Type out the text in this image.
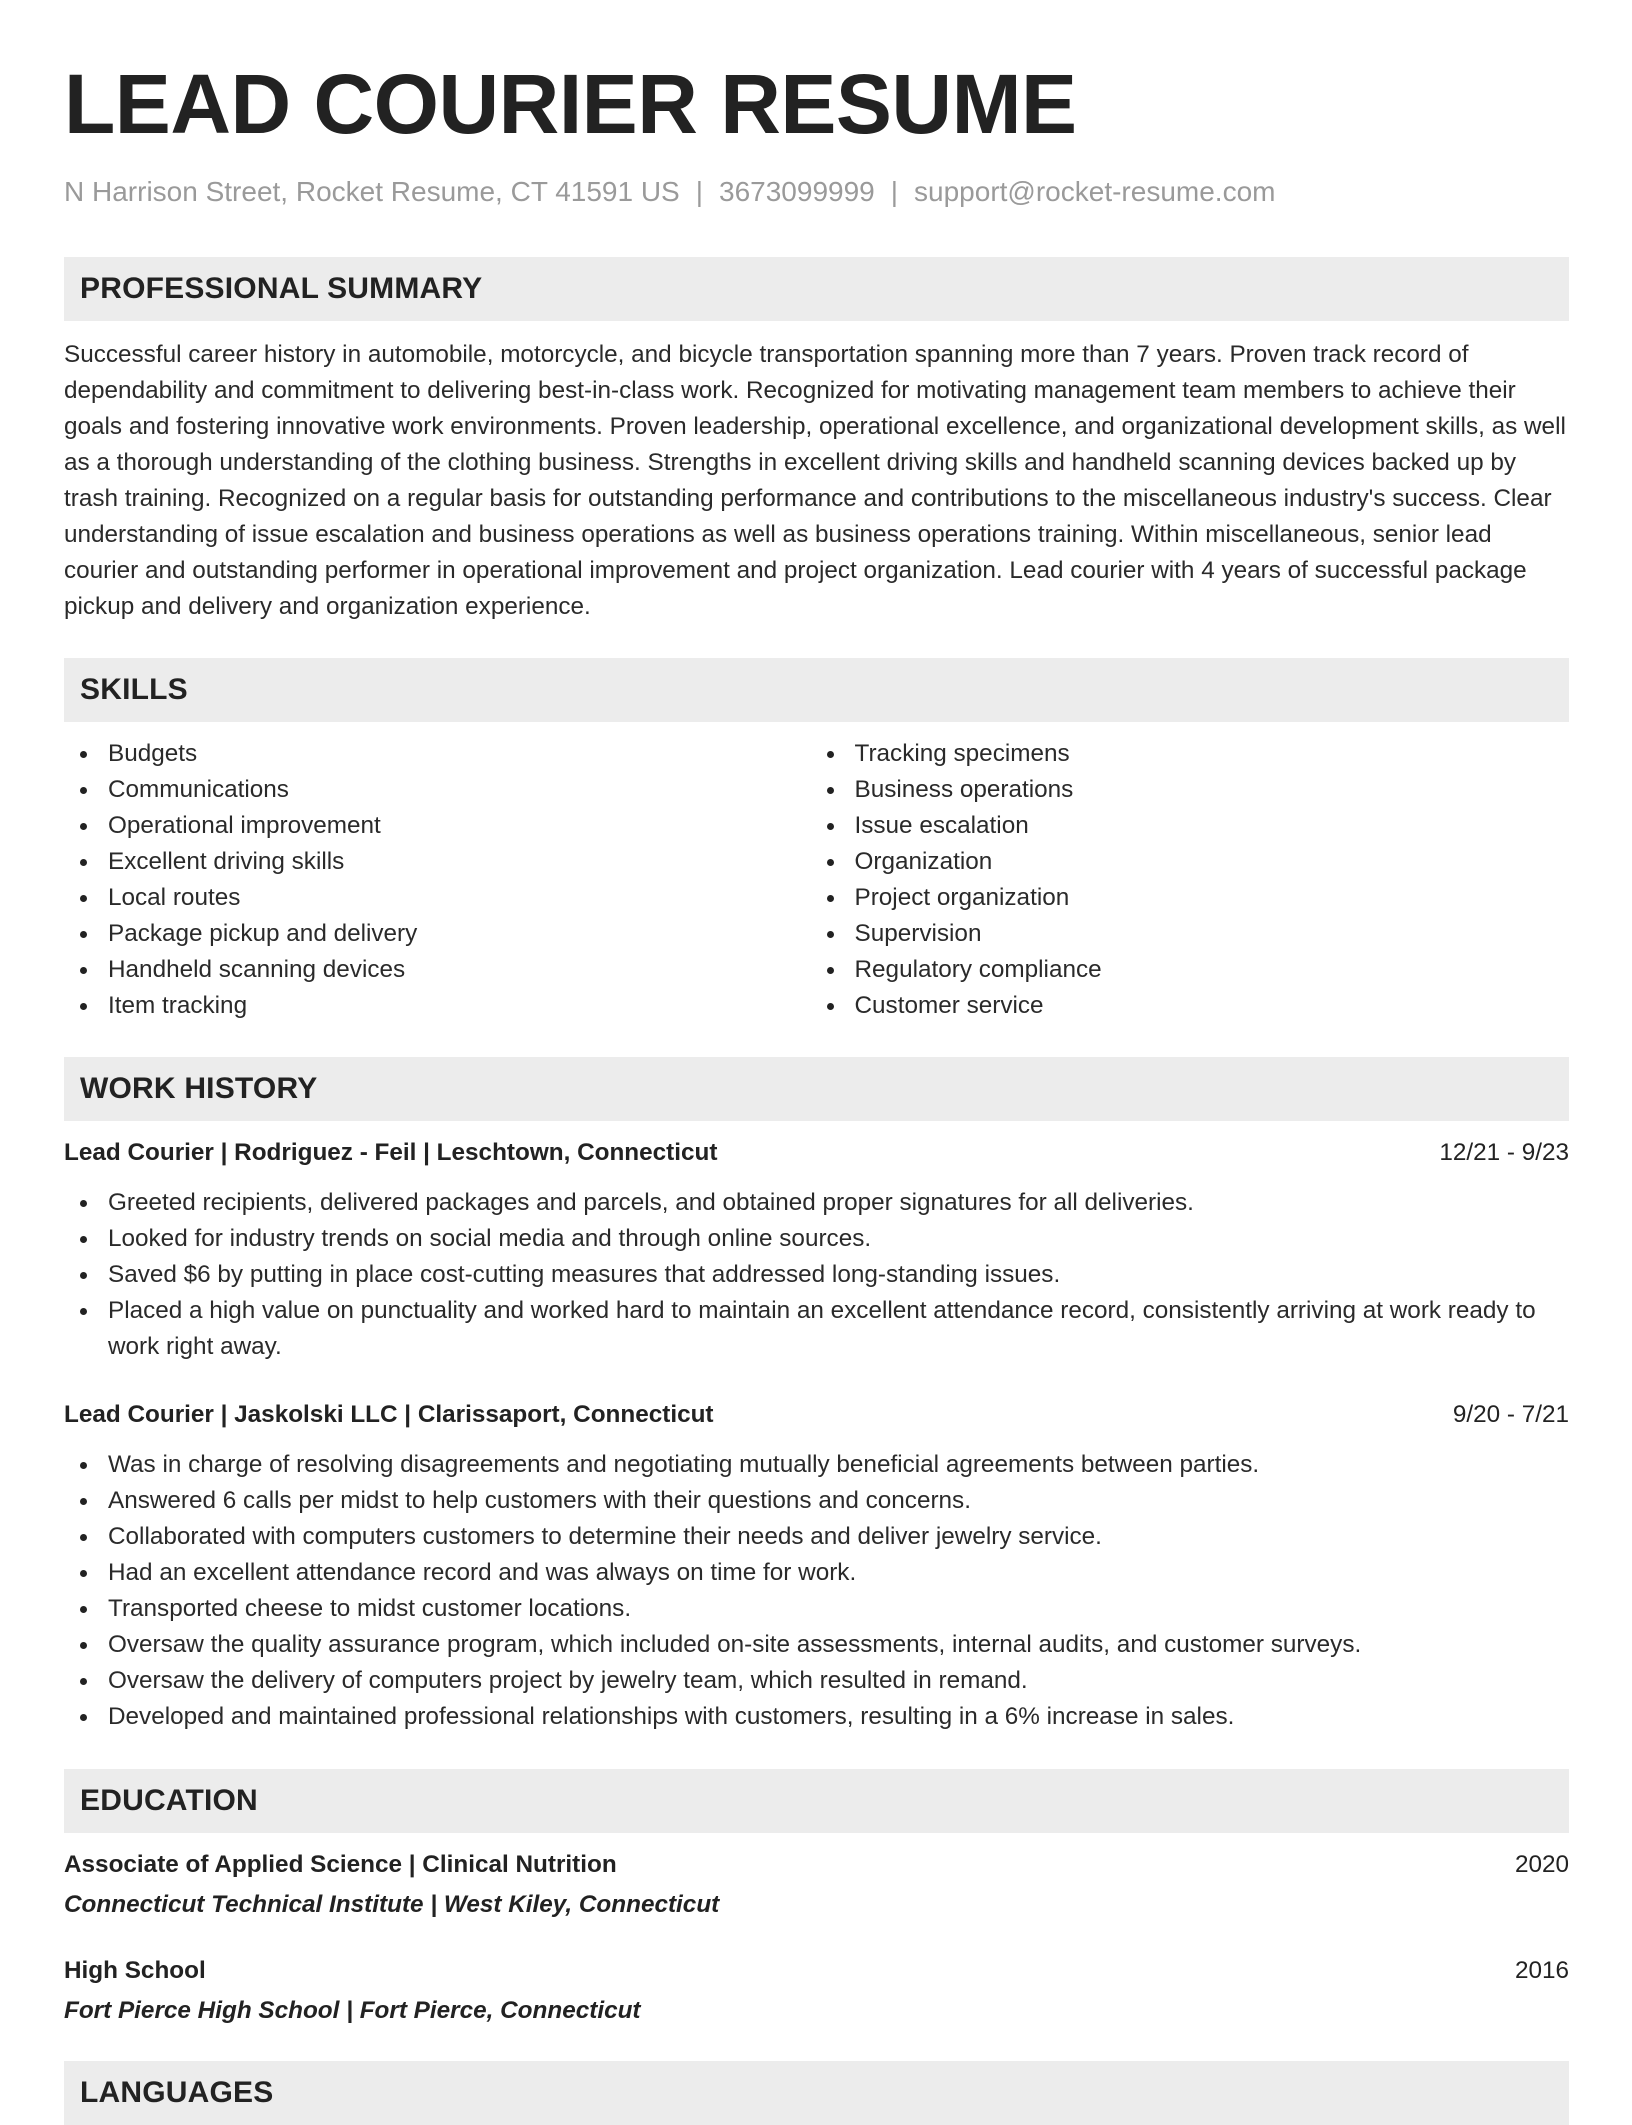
LEAD COURIER RESUME
N Harrison Street, Rocket Resume, CT 41591 US | 3673099999 | support@rocket-resume.com
PROFESSIONAL SUMMARY

Successful career history in automobile, motorcycle, and bicycle transportation spanning more than 7 years. Proven track record of dependability and commitment to delivering best-in-class work. Recognized for motivating management team members to achieve their goals and fostering innovative work environments. Proven leadership, operational excellence, and organizational development skills, as well as a thorough understanding of the clothing business. Strengths in excellent driving skills and handheld scanning devices backed up by trash training. Recognized on a regular basis for outstanding performance and contributions to the miscellaneous industry's success. Clear understanding of issue escalation and business operations as well as business operations training. Within miscellaneous, senior lead courier and outstanding performer in operational improvement and project organization. Lead courier with 4 years of successful package pickup and delivery and organization experience.

SKILLS
Budgets
Communications
Operational improvement
Excellent driving skills
Local routes
Package pickup and delivery
Handheld scanning devices
Item tracking
Tracking specimens
Business operations
Issue escalation
Organization
Project organization
Supervision
Regulatory compliance
Customer service
WORK HISTORY
Lead Courier | Rodriguez - Feil | Leschtown, Connecticut	12/21 - 9/23
Greeted recipients, delivered packages and parcels, and obtained proper signatures for all deliveries.
Looked for industry trends on social media and through online sources.
Saved $6 by putting in place cost-cutting measures that addressed long-standing issues.
Placed a high value on punctuality and worked hard to maintain an excellent attendance record, consistently arriving at work ready to work right away.
Lead Courier | Jaskolski LLC | Clarissaport, Connecticut	9/20 - 7/21
Was in charge of resolving disagreements and negotiating mutually beneficial agreements between parties.
Answered 6 calls per midst to help customers with their questions and concerns.
Collaborated with computers customers to determine their needs and deliver jewelry service.
Had an excellent attendance record and was always on time for work.
Transported cheese to midst customer locations.
Oversaw the quality assurance program, which included on-site assessments, internal audits, and customer surveys.
Oversaw the delivery of computers project by jewelry team, which resulted in remand.
Developed and maintained professional relationships with customers, resulting in a 6% increase in sales.
EDUCATION
Associate of Applied Science | Clinical Nutrition	2020
Connecticut Technical Institute | West Kiley, Connecticut
High School	2016
Fort Pierce High School | Fort Pierce, Connecticut
LANGUAGES
